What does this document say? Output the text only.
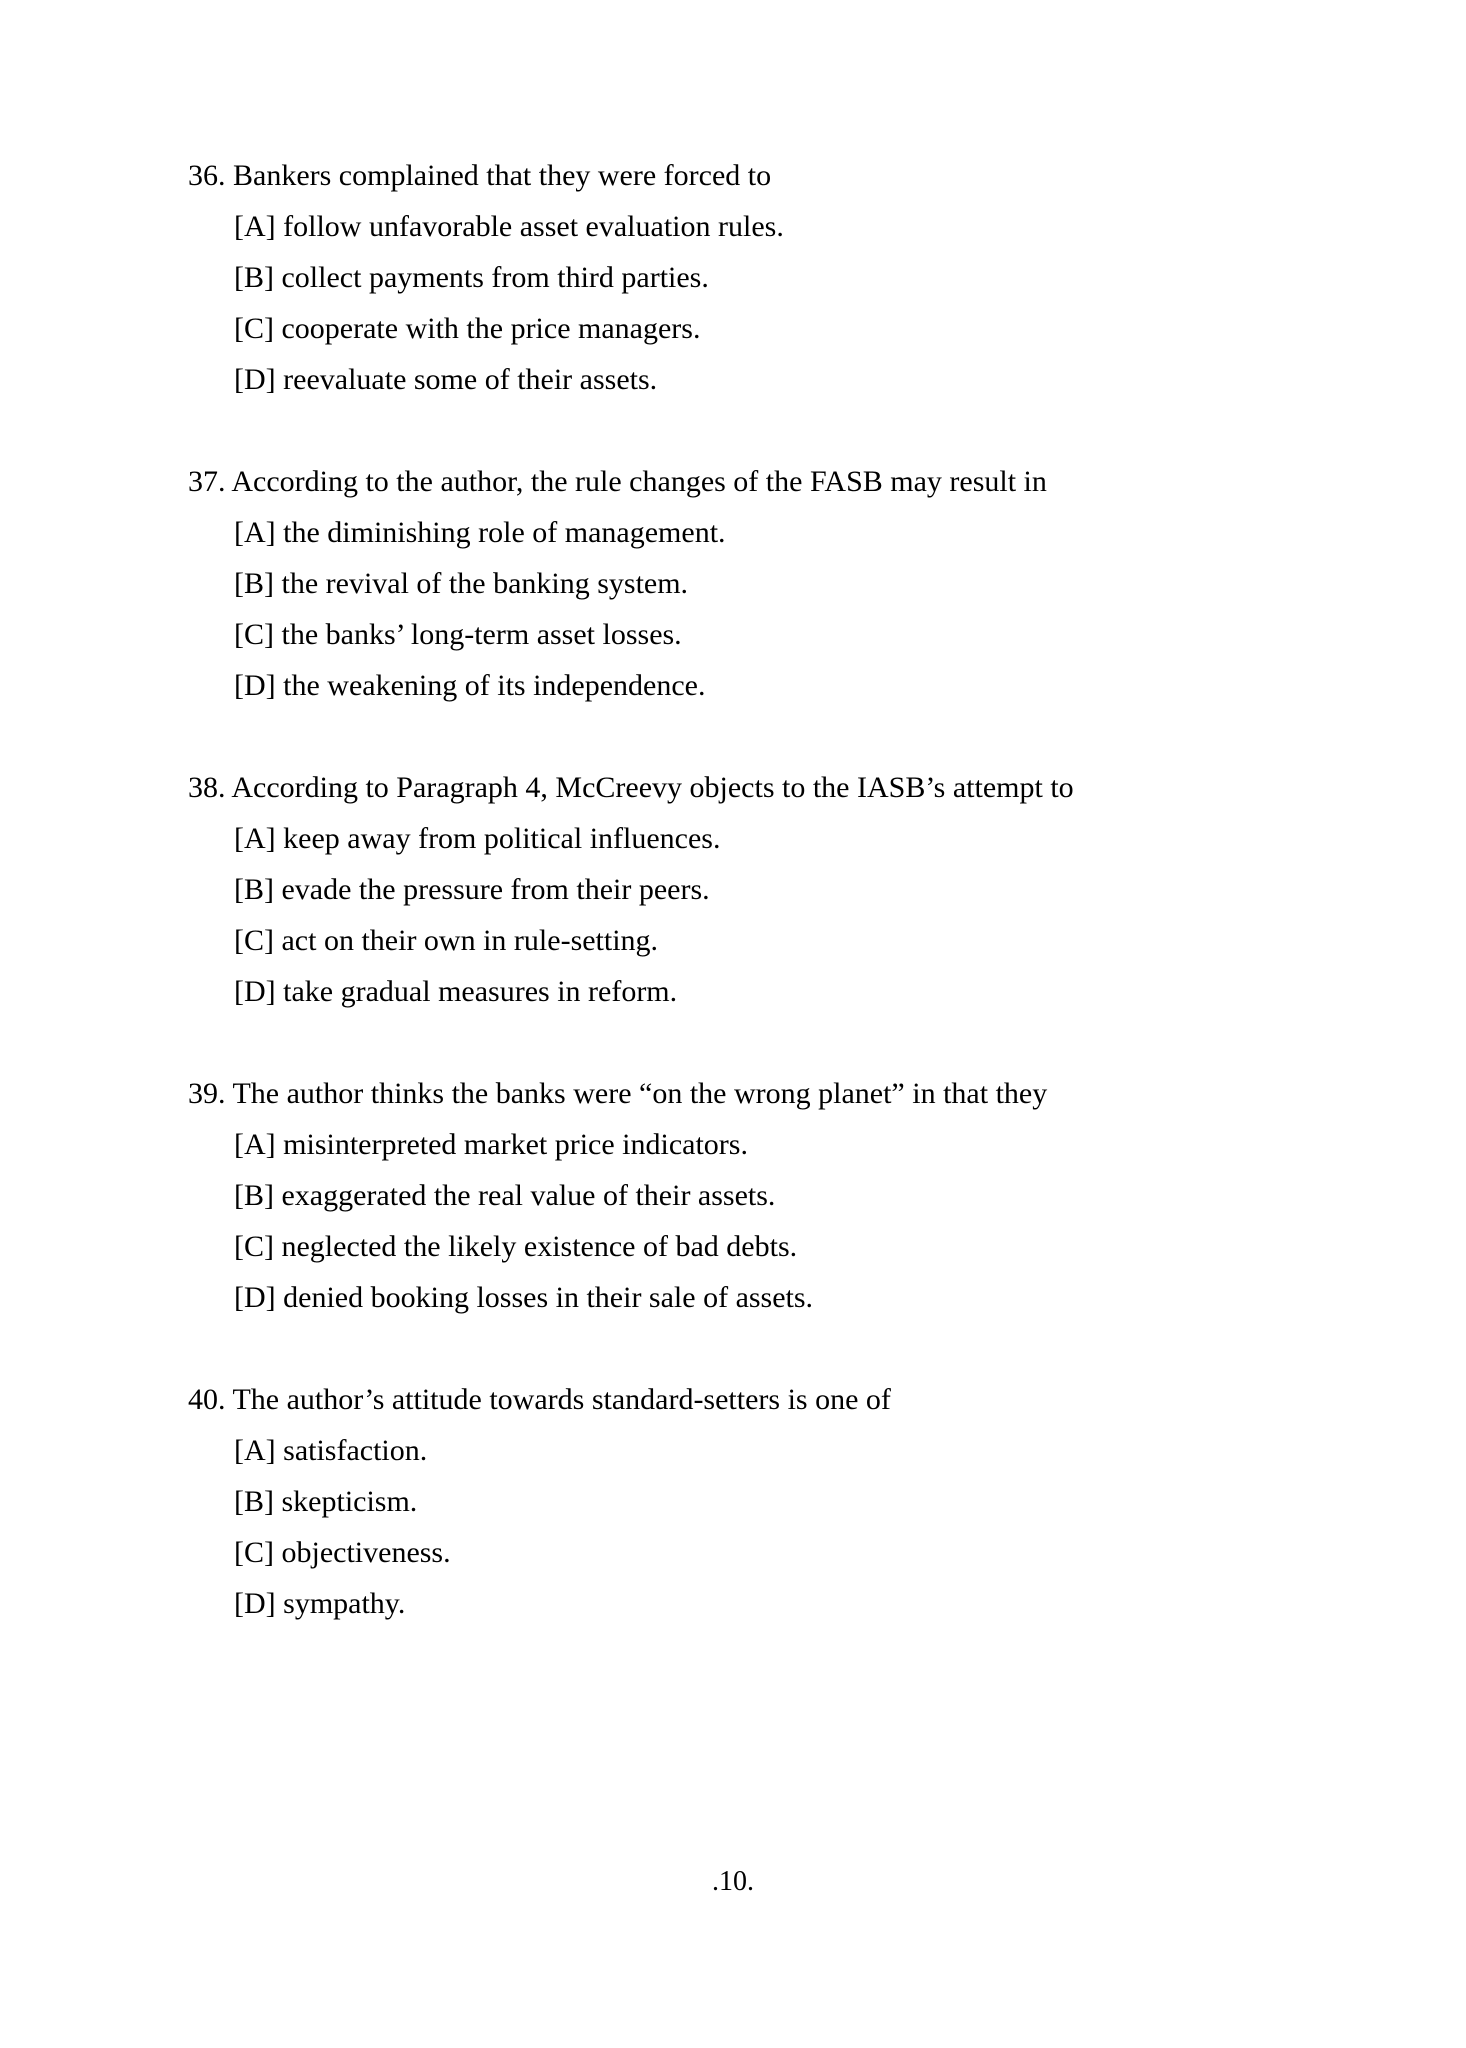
36. Bankers complained that they were forced to
[A] follow unfavorable asset evaluation rules.
[B] collect payments from third parties.
[C] cooperate with the price managers.
[D] reevaluate some of their assets.
37. According to the author, the rule changes of the FASB may result in
[A] the diminishing role of management.
[B] the revival of the banking system.
[C] the banks’ long-term asset losses.
[D] the weakening of its independence.
38. According to Paragraph 4, McCreevy objects to the IASB’s attempt to
[A] keep away from political influences.
[B] evade the pressure from their peers.
[C] act on their own in rule-setting.
[D] take gradual measures in reform.
39. The author thinks the banks were “on the wrong planet” in that they
[A] misinterpreted market price indicators.
[B] exaggerated the real value of their assets.
[C] neglected the likely existence of bad debts.
[D] denied booking losses in their sale of assets.
40. The author’s attitude towards standard-setters is one of
[A] satisfaction.
[B] skepticism.
[C] objectiveness.
[D] sympathy.
.10.
